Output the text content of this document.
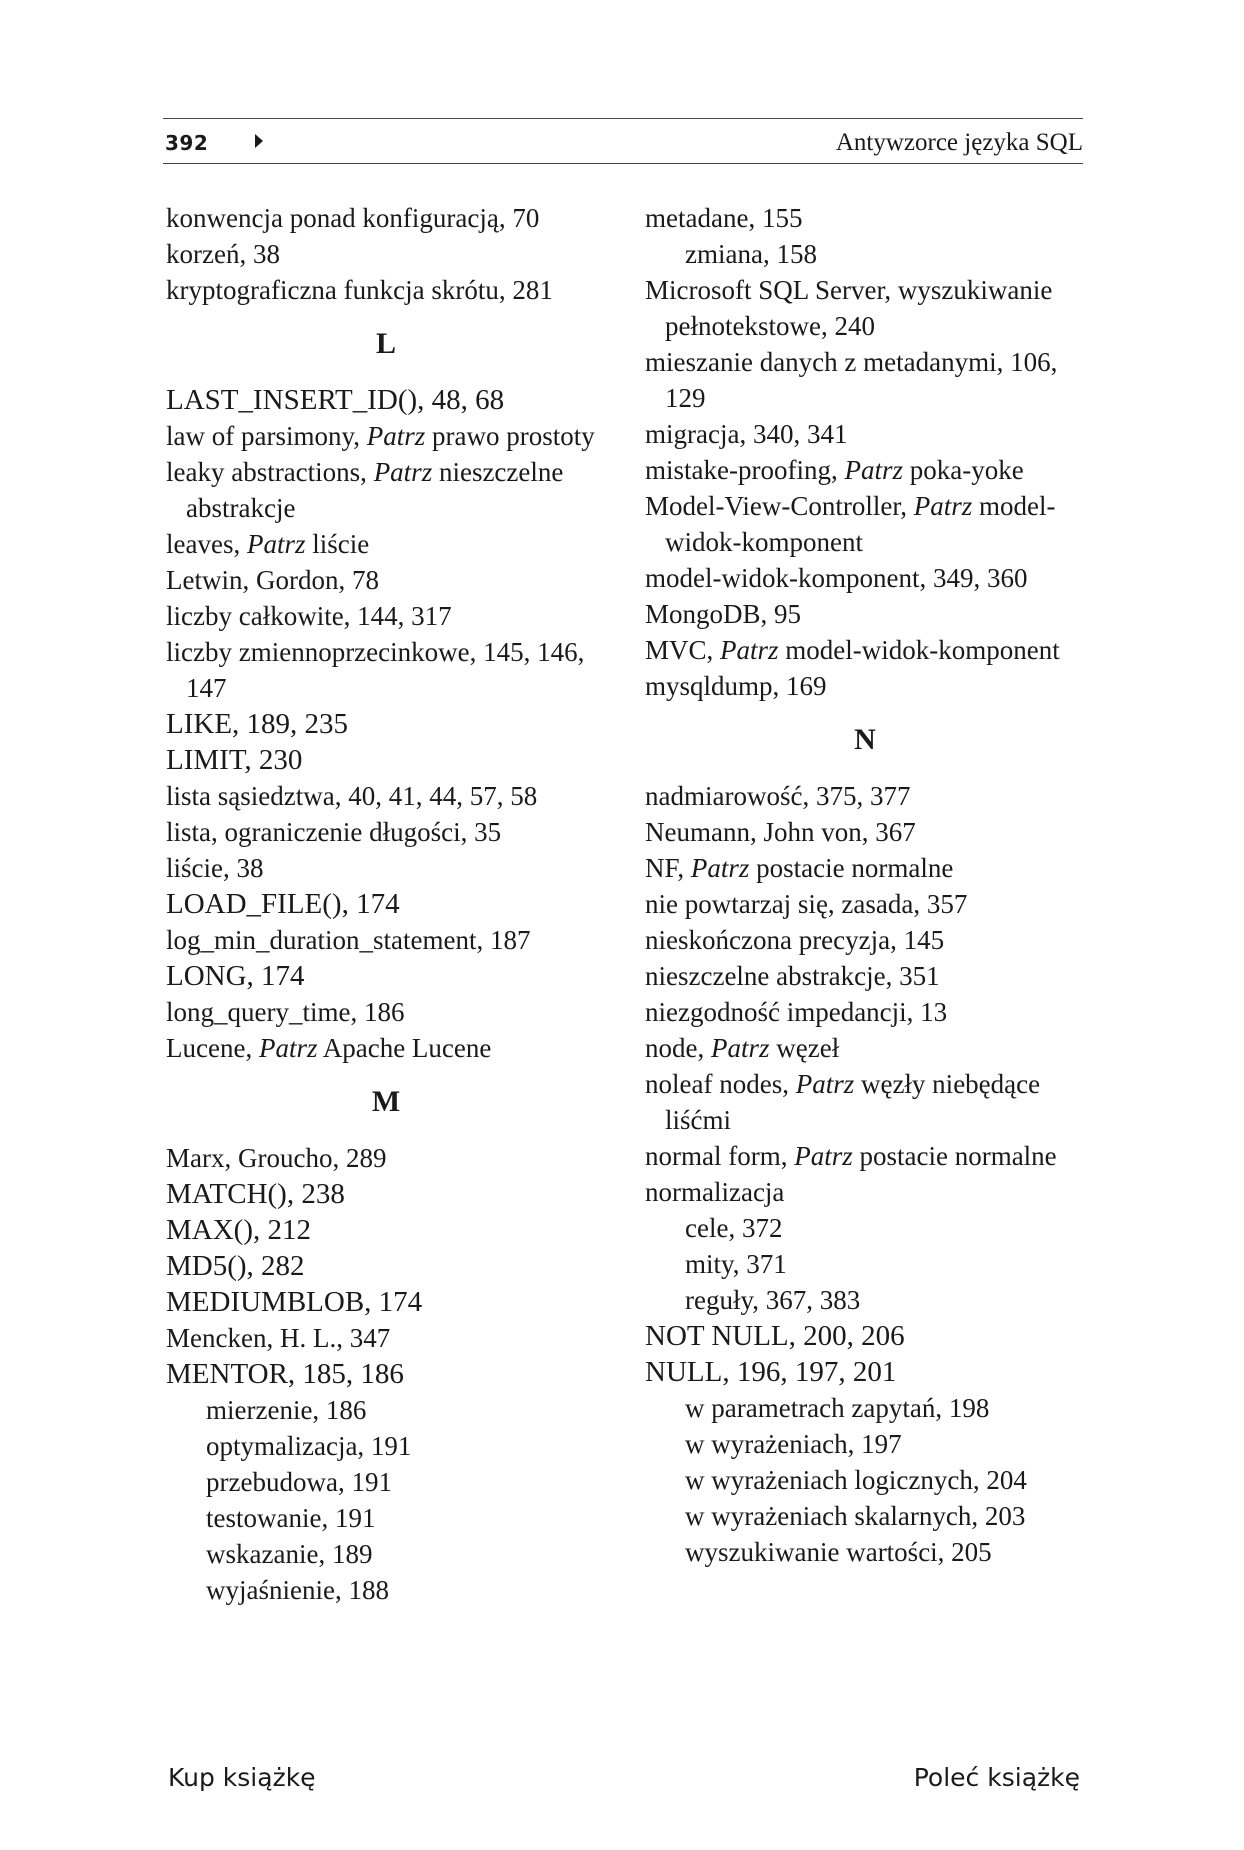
392	Antywzorce języka SQL
konwencja ponad konfiguracją, 70
korzeń, 38
kryptograficzna funkcja skrótu, 281
L
LAST_INSERT_ID(), 48, 68
law of parsimony, Patrz prawo prostoty
leaky abstractions, Patrz nieszczelne abstrakcje
leaves, Patrz liście
Letwin, Gordon, 78
liczby całkowite, 144, 317
liczby zmiennoprzecinkowe, 145, 146, 147
LIKE, 189, 235
LIMIT, 230
lista sąsiedztwa, 40, 41, 44, 57, 58
lista, ograniczenie długości, 35
liście, 38
LOAD_FILE(), 174
log_min_duration_statement, 187
LONG, 174
long_query_time, 186
Lucene, Patrz Apache Lucene
M
Marx, Groucho, 289
MATCH(), 238
MAX(), 212
MD5(), 282
MEDIUMBLOB, 174
Mencken, H. L., 347
MENTOR, 185, 186
mierzenie, 186
optymalizacja, 191
przebudowa, 191
testowanie, 191
wskazanie, 189
wyjaśnienie, 188
metadane, 155
zmiana, 158
Microsoft SQL Server, wyszukiwanie pełnotekstowe, 240
mieszanie danych z metadanymi, 106, 129
migracja, 340, 341
mistake-proofing, Patrz poka-yoke
Model-View-Controller, Patrz model-widok-komponent
model-widok-komponent, 349, 360
MongoDB, 95
MVC, Patrz model-widok-komponent
mysqldump, 169
N
nadmiarowość, 375, 377
Neumann, John von, 367
NF, Patrz postacie normalne
nie powtarzaj się, zasada, 357
nieskończona precyzja, 145
nieszczelne abstrakcje, 351
niezgodność impedancji, 13
node, Patrz węzeł
noleaf nodes, Patrz węzły niebędące liśćmi
normal form, Patrz postacie normalne
normalizacja
cele, 372
mity, 371
reguły, 367, 383
NOT NULL, 200, 206
NULL, 196, 197, 201
w parametrach zapytań, 198
w wyrażeniach, 197
w wyrażeniach logicznych, 204
w wyrażeniach skalarnych, 203
wyszukiwanie wartości, 205
Kup książkę	Poleć książkę
